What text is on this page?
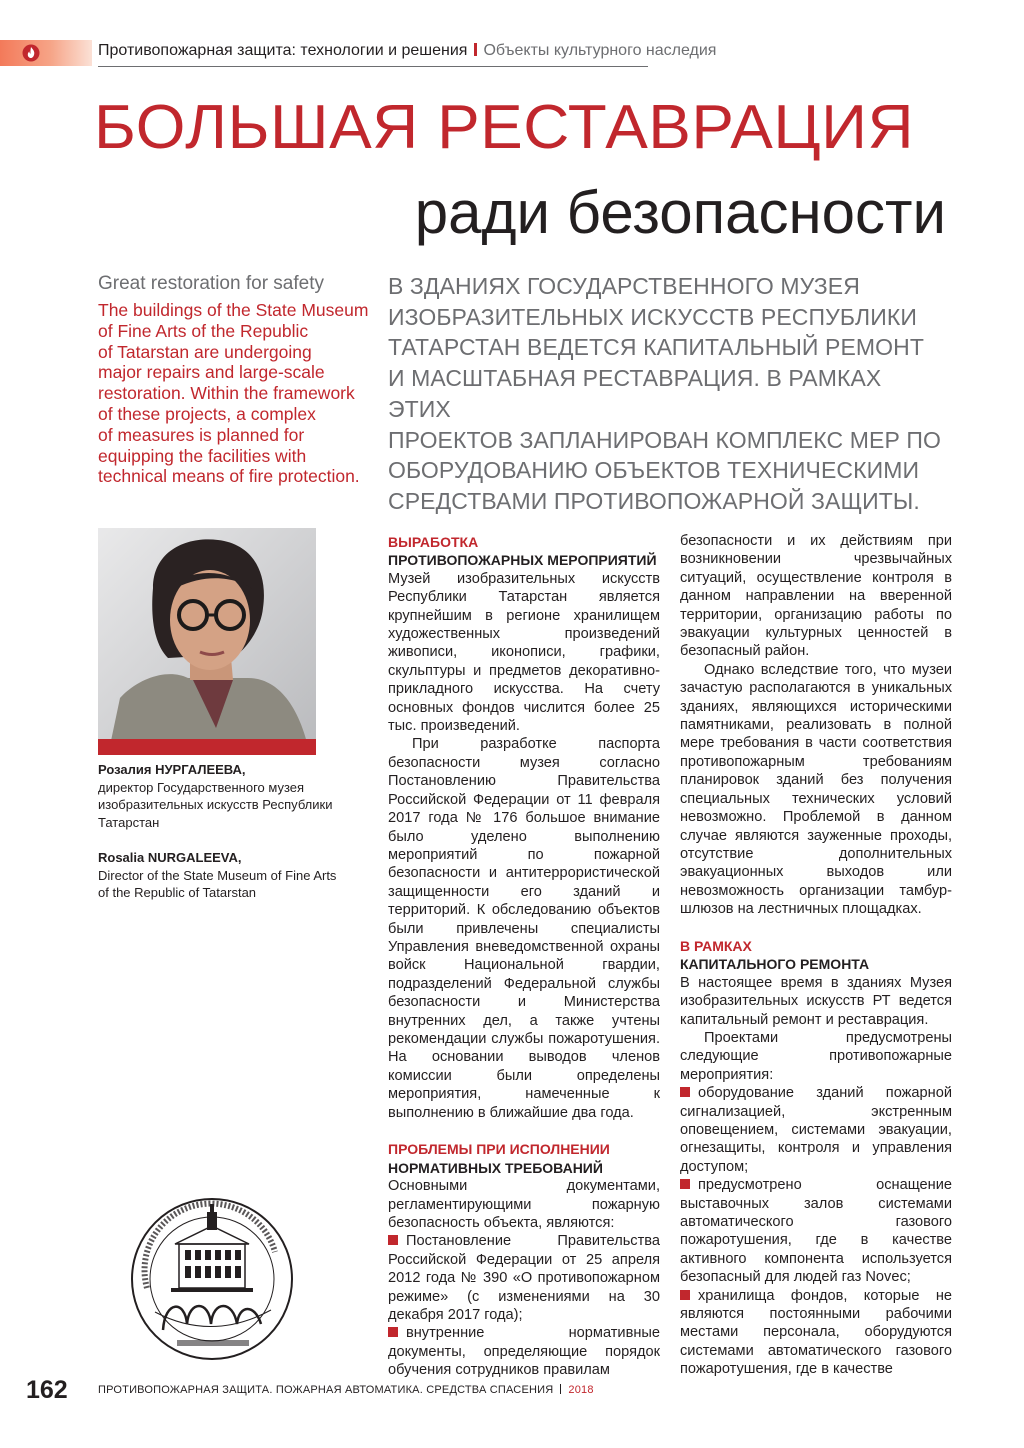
Противопожарная защита: технологии и решения Объекты культурного наследия
БОЛЬШАЯ РЕСТАВРАЦИЯ
ради безопасности
Great restoration for safety
The buildings of the State Museum
of Fine Arts of the Republic
of Tatarstan are undergoing
major repairs and large-scale
restoration. Within the framework
of these projects, a complex
of measures is planned for
equipping the facilities with
technical means of fire protection.
В ЗДАНИЯХ ГОСУДАРСТВЕННОГО МУЗЕЯ
ИЗОБРАЗИТЕЛЬНЫХ ИСКУССТВ РЕСПУБЛИКИ
ТАТАРСТАН ВЕДЕТСЯ КАПИТАЛЬНЫЙ РЕМОНТ
И МАСШТАБНАЯ РЕСТАВРАЦИЯ. В РАМКАХ ЭТИХ
ПРОЕКТОВ ЗАПЛАНИРОВАН КОМПЛЕКС МЕР ПО
ОБОРУДОВАНИЮ ОБЪЕКТОВ ТЕХНИЧЕСКИМИ
СРЕДСТВАМИ ПРОТИВОПОЖАРНОЙ ЗАЩИТЫ.
Розалия НУРГАЛЕЕВА,
директор Государственного музея
изобразительных искусств Республики
Татарстан
Rosalia NURGALEEVA,
Director of the State Museum of Fine Arts
of the Republic of Tatarstan
ВЫРАБОТКА
ПРОТИВОПОЖАРНЫХ МЕРОПРИЯТИЙ

Музей изобразительных искусств Республики Татарстан является крупнейшим в регионе хранилищем художественных произведений живописи, иконописи, графики, скульптуры и предметов декоративно-прикладного искусства. На счету основных фондов числится более 25 тыс. произведений.

При разработке паспорта безопасности музея согласно Постановлению Правительства Российской Федерации от 11 февраля 2017 года № 176 большое внимание было уделено выполнению мероприятий по пожарной безопасности и антитеррористической защищенности его зданий и территорий. К обследованию объектов были привлечены специалисты Управления вневедомственной охраны войск Национальной гвардии, подразделений Федеральной службы безопасности и Министерства внутренних дел, а также учтены рекомендации службы пожаротушения. На основании выводов членов комиссии были определены мероприятия, намеченные к выполнению в ближайшие два года.

ПРОБЛЕМЫ ПРИ ИСПОЛНЕНИИ
НОРМАТИВНЫХ ТРЕБОВАНИЙ

Основными документами, регламентирующими пожарную безопасность объекта, являются:

Постановление Правительства Российской Федерации от 25 апреля 2012 года № 390 «О противопожарном режиме» (с изменениями на 30 декабря 2017 года);

внутренние нормативные документы, определяющие порядок обучения сотрудников правилам

безопасности и их действиям при возникновении чрезвычайных ситуаций, осуществление контроля в данном направлении на вверенной территории, организацию работы по эвакуации культурных ценностей в безопасный район.

Однако вследствие того, что музеи зачастую располагаются в уникальных зданиях, являющихся историческими памятниками, реализовать в полной мере требования в части соответствия противопожарным требованиям планировок зданий без получения специальных технических условий невозможно. Проблемой в данном случае являются зауженные проходы, отсутствие дополнительных эвакуационных выходов или невозможность организации тамбур-шлюзов на лестничных площадках.

В РАМКАХ
КАПИТАЛЬНОГО РЕМОНТА

В настоящее время в зданиях Музея изобразительных искусств РТ ведется капитальный ремонт и реставрация.

Проектами предусмотрены следующие противопожарные мероприятия:

оборудование зданий пожарной сигнализацией, экстренным оповещением, системами эвакуации, огнезащиты, контроля и управления доступом;

предусмотрено оснащение выставочных залов системами автоматического газового пожаротушения, где в качестве активного компонента используется безопасный для людей газ Novec;

хранилища фондов, которые не являются постоянными рабочими местами персонала, оборудуются системами автоматического газового пожаротушения, где в качестве

162	ПРОТИВОПОЖАРНАЯ ЗАЩИТА. ПОЖАРНАЯ АВТОМАТИКА. СРЕДСТВА СПАСЕНИЯ 2018
